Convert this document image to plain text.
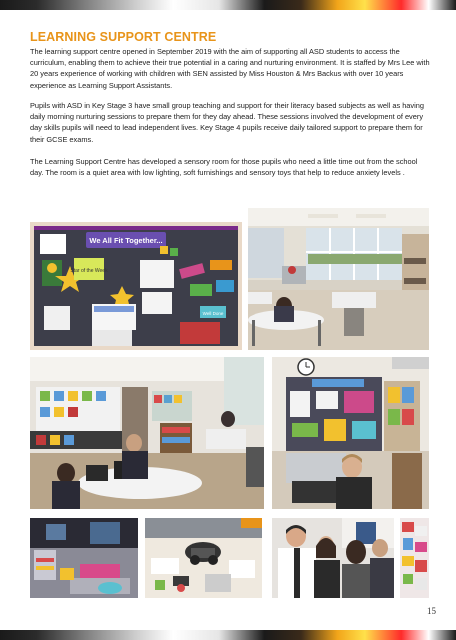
LEARNING SUPPORT CENTRE

The learning support centre opened in September 2019 with the aim of supporting all ASD students to access the curriculum, enabling them to achieve their true potential in a caring and nurturing environment. It is staffed by Mrs Lee with 20 years experience of working with children with SEN assisted by Miss Houston & Mrs Backus with over 10 years experience as Learning Support Assistants.

Pupils with ASD in Key Stage 3 have small group teaching and support for their literacy based subjects as well as having daily morning nurturing sessions to prepare them for they day ahead. These sessions involved the development of every day skills pupils will need to lead independent lives. Key Stage 4 pupils receive daily tailored support to prepare them for their GCSE exams.

The Learning Support Centre has developed a sensory room for those pupils who need a little time out from the school day. The room is a quiet area with low lighting, soft furnishings and sensory toys that help to reduce anxiety levels .

We All Fit Together...
Star of the Week
Well Done
15
